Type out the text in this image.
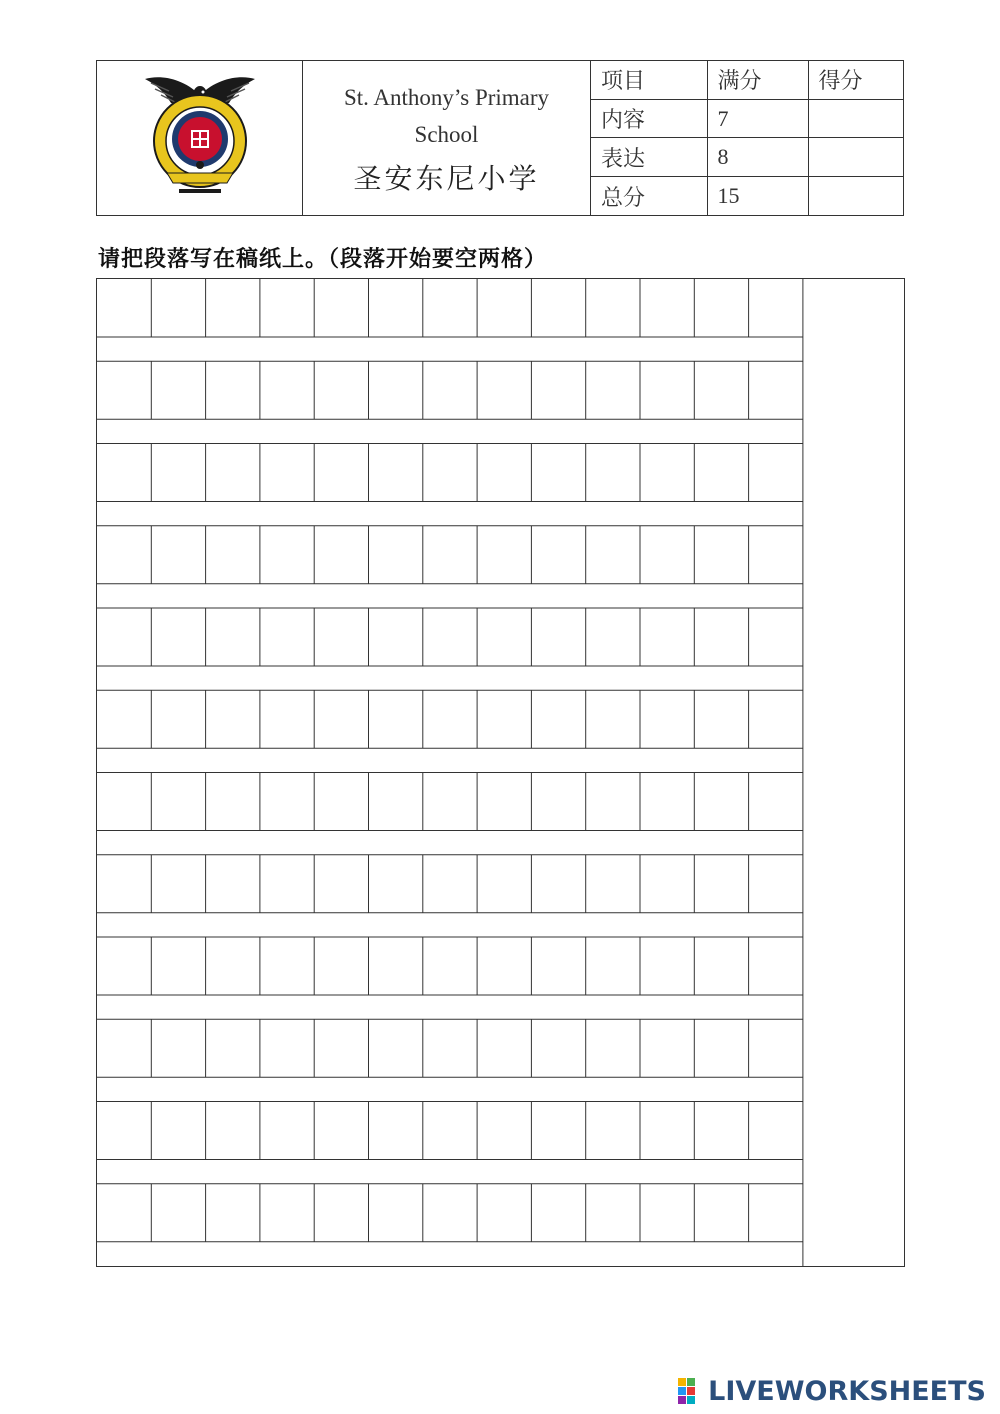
St. Anthony’s Primary School
圣安东尼小学
项目	满分	得分
内容	7	
表达	8	
总分	15	
请把段落写在稿纸上。（段落开始要空两格）
LIVEWORKSHEETS
